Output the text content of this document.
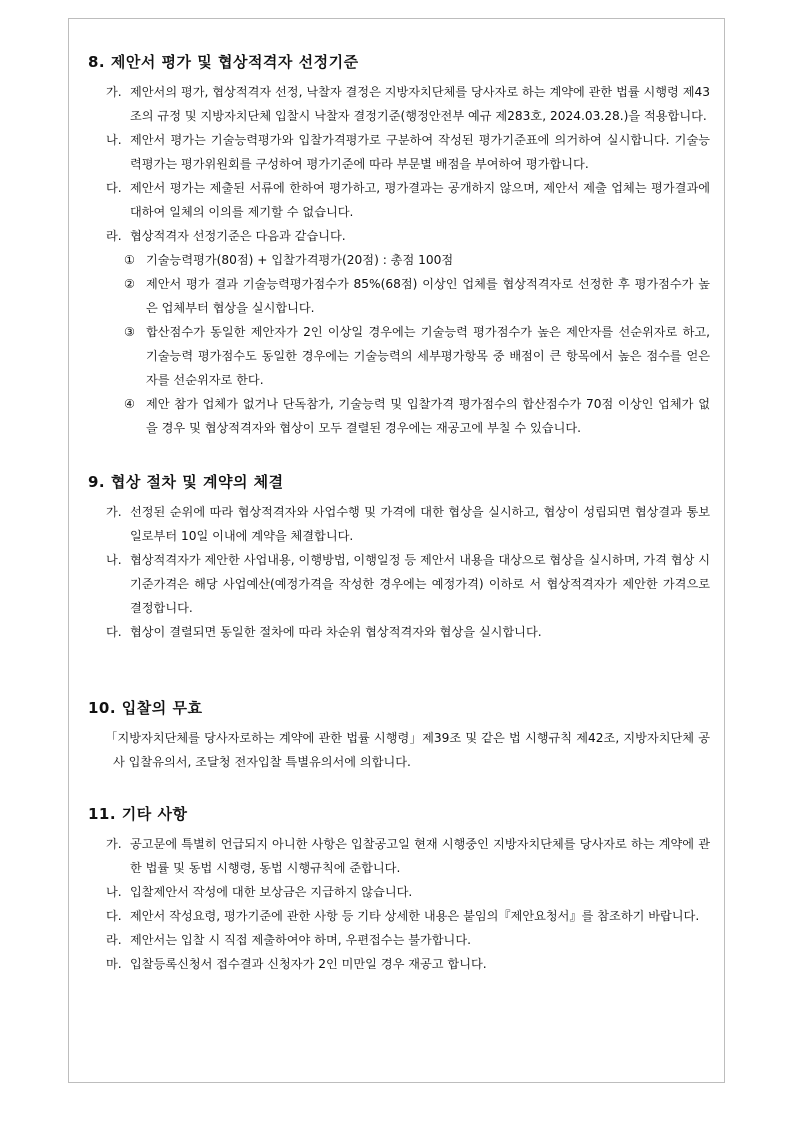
8. 제안서 평가 및 협상적격자 선정기준

가. 제안서의 평가, 협상적격자 선정, 낙찰자 결정은 지방자치단체를 당사자로 하는 계약에 관한 법률 시행령 제43조의 규정 및 지방자치단체 입찰시 낙찰자 결정기준(행정안전부 예규 제283호, 2024.03.28.)을 적용합니다.

나. 제안서 평가는 기술능력평가와 입찰가격평가로 구분하여 작성된 평가기준표에 의거하여 실시합니다. 기술능력평가는 평가위원회를 구성하여 평가기준에 따라 부문별 배점을 부여하여 평가합니다.

다. 제안서 평가는 제출된 서류에 한하여 평가하고, 평가결과는 공개하지 않으며, 제안서 제출 업체는 평가결과에 대하여 일체의 이의를 제기할 수 없습니다.

라. 협상적격자 선정기준은 다음과 같습니다.

① 기술능력평가(80점) + 입찰가격평가(20점) : 총점 100점

② 제안서 평가 결과 기술능력평가점수가 85%(68점) 이상인 업체를 협상적격자로 선정한 후 평가점수가 높은 업체부터 협상을 실시합니다.

③ 합산점수가 동일한 제안자가 2인 이상일 경우에는 기술능력 평가점수가 높은 제안자를 선순위자로 하고, 기술능력 평가점수도 동일한 경우에는 기술능력의 세부평가항목 중 배점이 큰 항목에서 높은 점수를 얻은 자를 선순위자로 한다.

④ 제안 참가 업체가 없거나 단독참가, 기술능력 및 입찰가격 평가점수의 합산점수가 70점 이상인 업체가 없을 경우 및 협상적격자와 협상이 모두 결렬된 경우에는 재공고에 부칠 수 있습니다.

9. 협상 절차 및 계약의 체결

가. 선정된 순위에 따라 협상적격자와 사업수행 및 가격에 대한 협상을 실시하고, 협상이 성립되면 협상결과 통보일로부터 10일 이내에 계약을 체결합니다.

나. 협상적격자가 제안한 사업내용, 이행방법, 이행일정 등 제안서 내용을 대상으로 협상을 실시하며, 가격 협상 시 기준가격은 해당 사업예산(예정가격을 작성한 경우에는 예정가격) 이하로 서 협상적격자가 제안한 가격으로 결정합니다.

다. 협상이 결렬되면 동일한 절차에 따라 차순위 협상적격자와 협상을 실시합니다.

10. 입찰의 무효

「지방자치단체를 당사자로하는 계약에 관한 법률 시행령」제39조 및 같은 법 시행규칙 제42조, 지방자치단체 공사 입찰유의서, 조달청 전자입찰 특별유의서에 의합니다.

11. 기타 사항

가. 공고문에 특별히 언급되지 아니한 사항은 입찰공고일 현재 시행중인 지방자치단체를 당사자로 하는 계약에 관한 법률 및 동법 시행령, 동법 시행규칙에 준합니다.

나. 입찰제안서 작성에 대한 보상금은 지급하지 않습니다.

다. 제안서 작성요령, 평가기준에 관한 사항 등 기타 상세한 내용은 붙임의『제안요청서』를 참조하기 바랍니다.

라. 제안서는 입찰 시 직접 제출하여야 하며, 우편접수는 불가합니다.

마. 입찰등록신청서 접수결과 신청자가 2인 미만일 경우 재공고 합니다.
